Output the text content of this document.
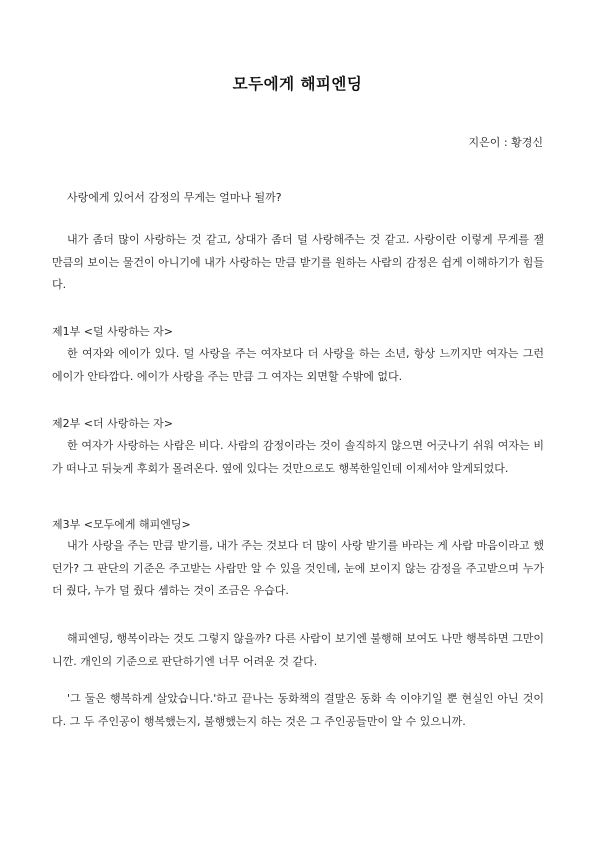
모두에게 해피엔딩
지은이 : 황경신
사랑에게 있어서 감정의 무게는 얼마나 될까?
내가 좀더 많이 사랑하는 것 같고, 상대가 좀더 덜 사랑해주는 것 같고. 사랑이란 이렇게 무게를 잴 만큼의 보이는 물건이 아니기에 내가 사랑하는 만큼 받기를 원하는 사람의 감정은 쉽게 이해하기가 힘들다.
제1부 <덜 사랑하는 자>
한 여자와 에이가 있다. 덜 사랑을 주는 여자보다 더 사랑을 하는 소년, 항상 느끼지만 여자는 그런 에이가 안타깝다. 에이가 사랑을 주는 만큼 그 여자는 외면할 수밖에 없다.
제2부 <더 사랑하는 자>
한 여자가 사랑하는 사람은 비다. 사람의 감정이라는 것이 솔직하지 않으면 어긋나기 쉬워 여자는 비가 떠나고 뒤늦게 후회가 몰려온다. 옆에 있다는 것만으로도 행복한일인데 이제서야 알게되었다.
제3부 <모두에게 해피엔딩>
내가 사랑을 주는 만큼 받기를, 내가 주는 것보다 더 많이 사랑 받기를 바라는 게 사람 마음이라고 했던가? 그 판단의 기준은 주고받는 사람만 알 수 있을 것인데, 눈에 보이지 않는 감정을 주고받으며 누가 더 줬다, 누가 덜 줬다 셈하는 것이 조금은 우습다.
해피엔딩, 행복이라는 것도 그렇지 않을까? 다른 사람이 보기엔 불행해 보여도 나만 행복하면 그만이니깐. 개인의 기준으로 판단하기엔 너무 어려운 것 같다.
'그 둘은 행복하게 살았습니다.'하고 끝나는 동화책의 결말은 동화 속 이야기일 뿐 현실인 아닌 것이다. 그 두 주인공이 행복했는지, 불행했는지 하는 것은 그 주인공들만이 알 수 있으니까.
